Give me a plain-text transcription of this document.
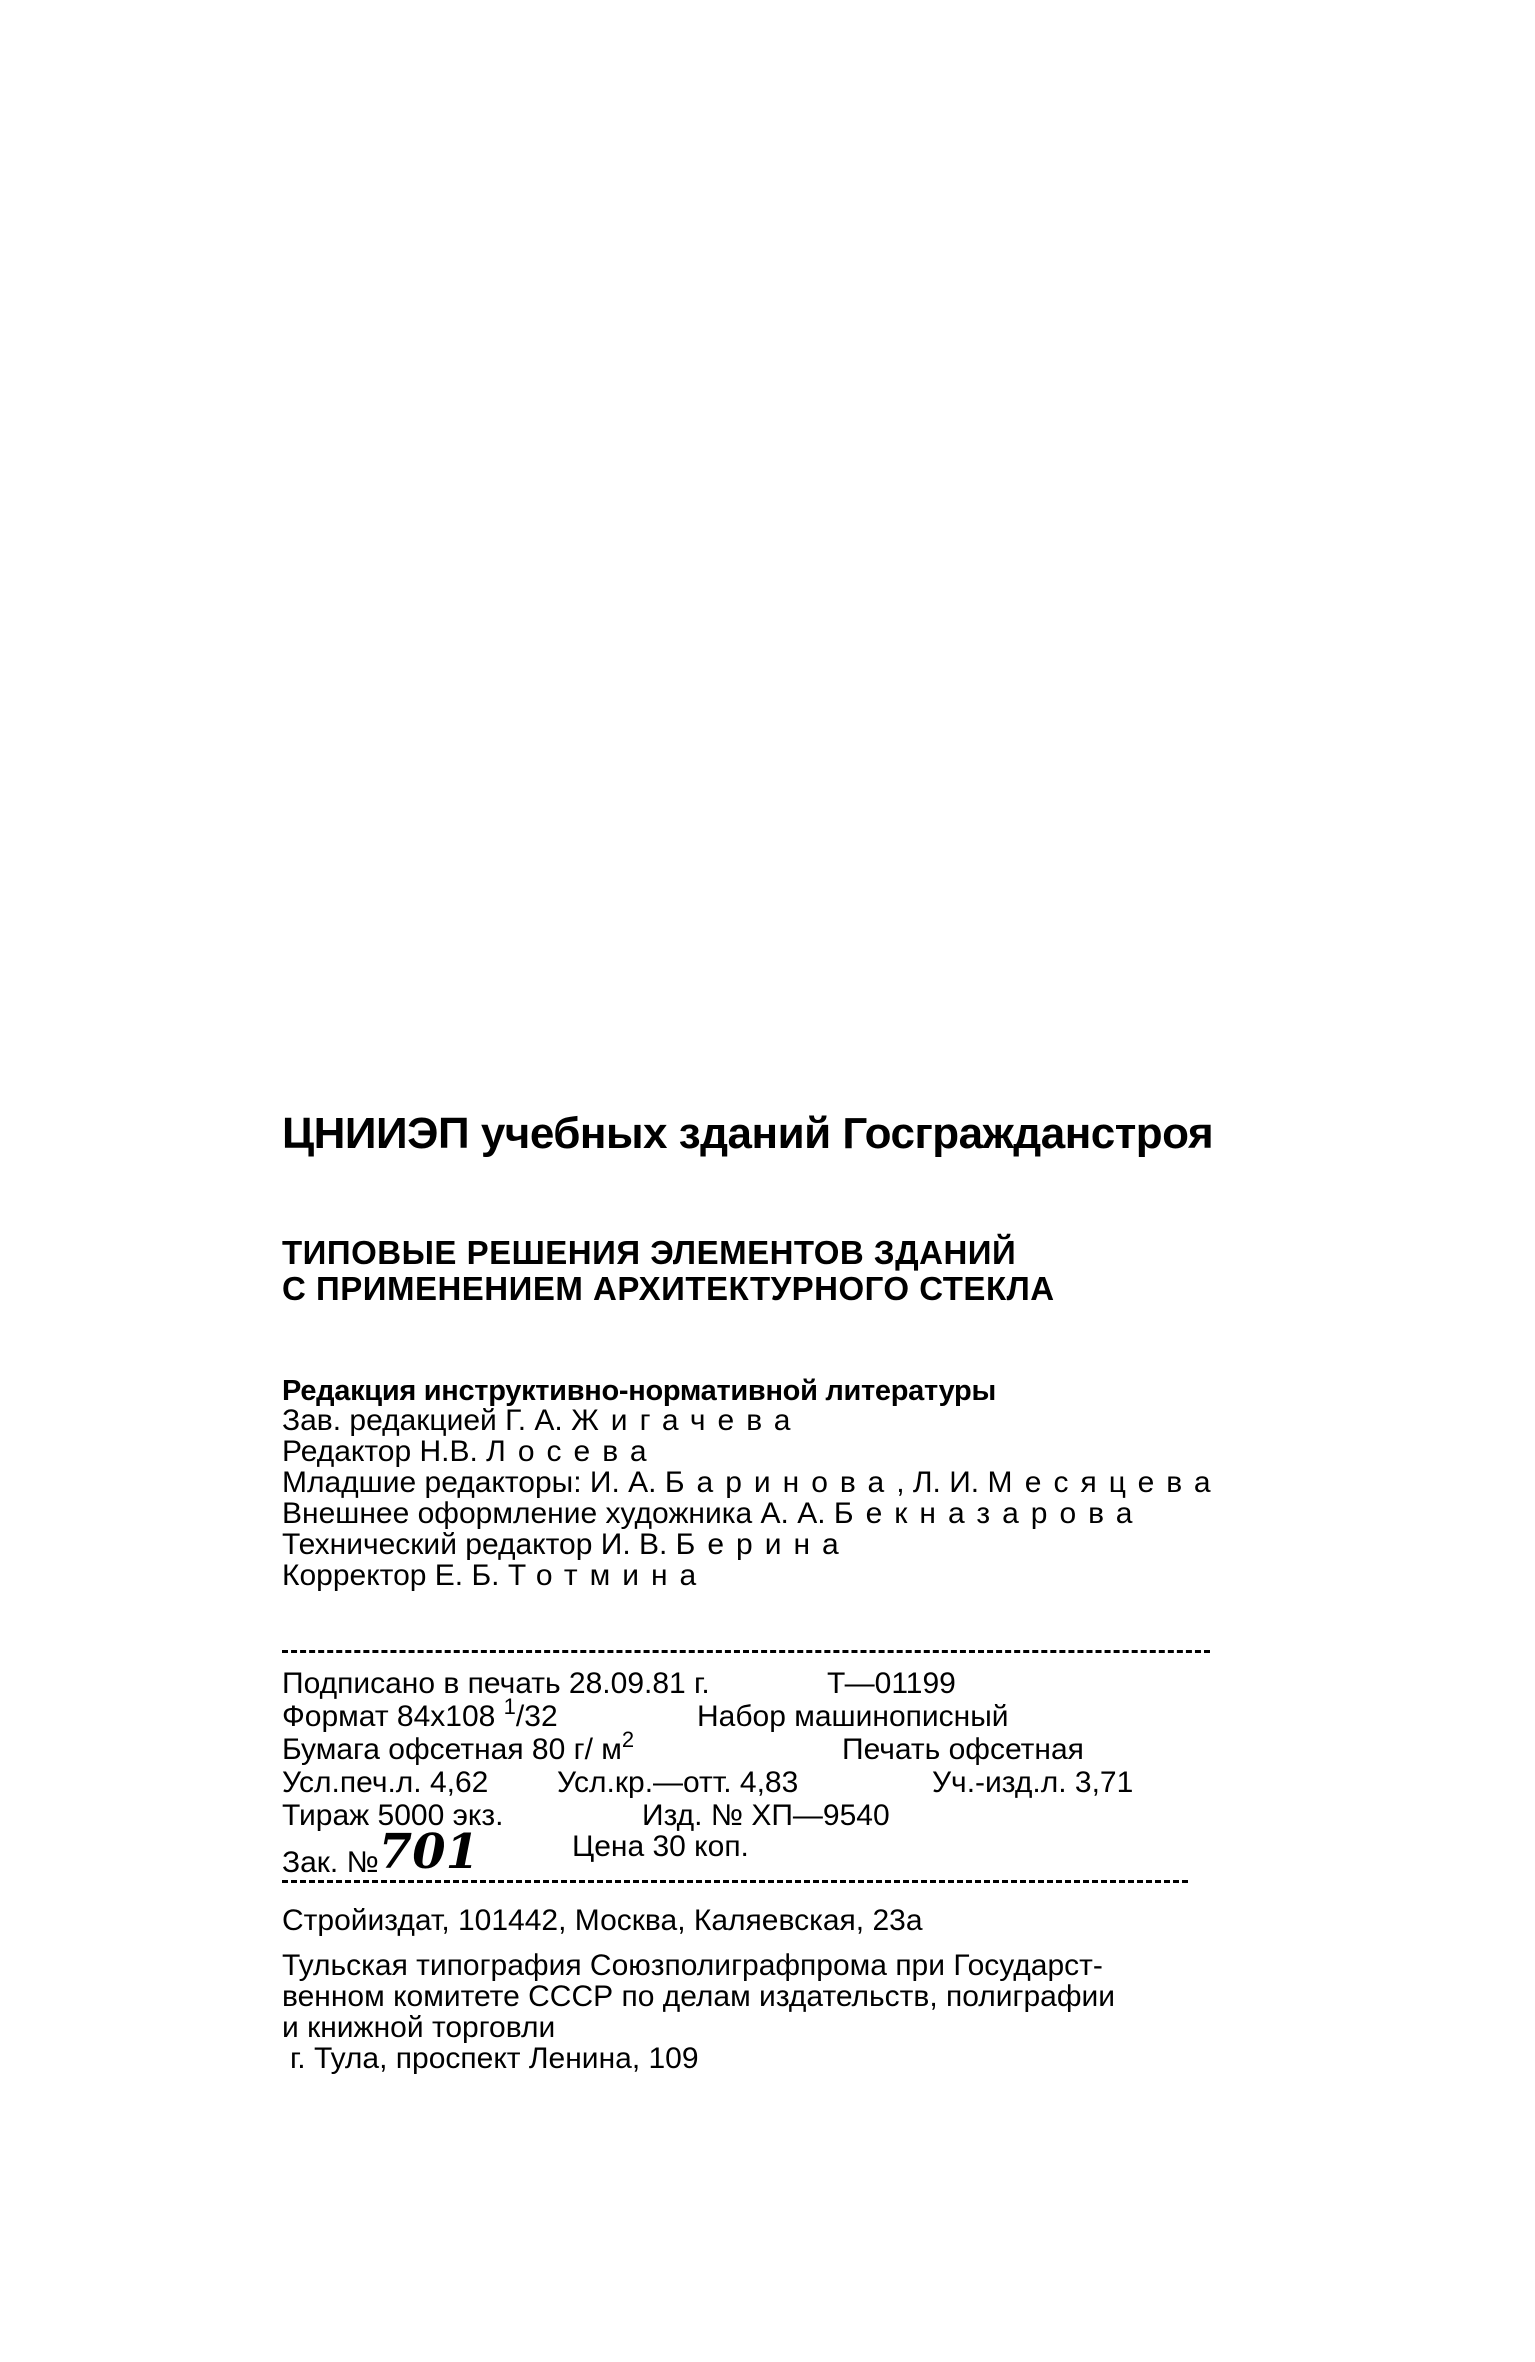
ЦНИИЭП учебных зданий Госгражданстроя
ТИПОВЫЕ РЕШЕНИЯ ЭЛЕМЕНТОВ ЗДАНИЙ
С ПРИМЕНЕНИЕМ АРХИТЕКТУРНОГО СТЕКЛА
Редакция инструктивно-нормативной литературы
Зав. редакцией Г. А. Жигачева
Редактор Н.В. Лосева
Младшие редакторы: И. А. Баринова, Л. И. Месяцева
Внешнее оформление художника А. А. Бекназарова
Технический редактор И. В. Берина
Корректор Е. Б. Тотмина
Подписано в печать 28.09.81 г.	Т—01199
Формат 84x108 $^1$/32	Набор машинописный
Бумага офсетная 80 г/ $м^2$	Печать офсетная
Усл.печ.л. 4,62 Усл.кр.—отт. 4,83	Уч.-изд.л. 3,71
Тираж 5000 экз.	Изд. № ХП—9540
Зак. №701	Цена 30 коп.
Стройиздат, 101442, Москва, Каляевская, 23а
Тульская типография Союзполиграфпрома при Государст-
венном комитете СССР по делам издательств, полиграфии
и книжной торговли
г. Тула, проспект Ленина, 109
